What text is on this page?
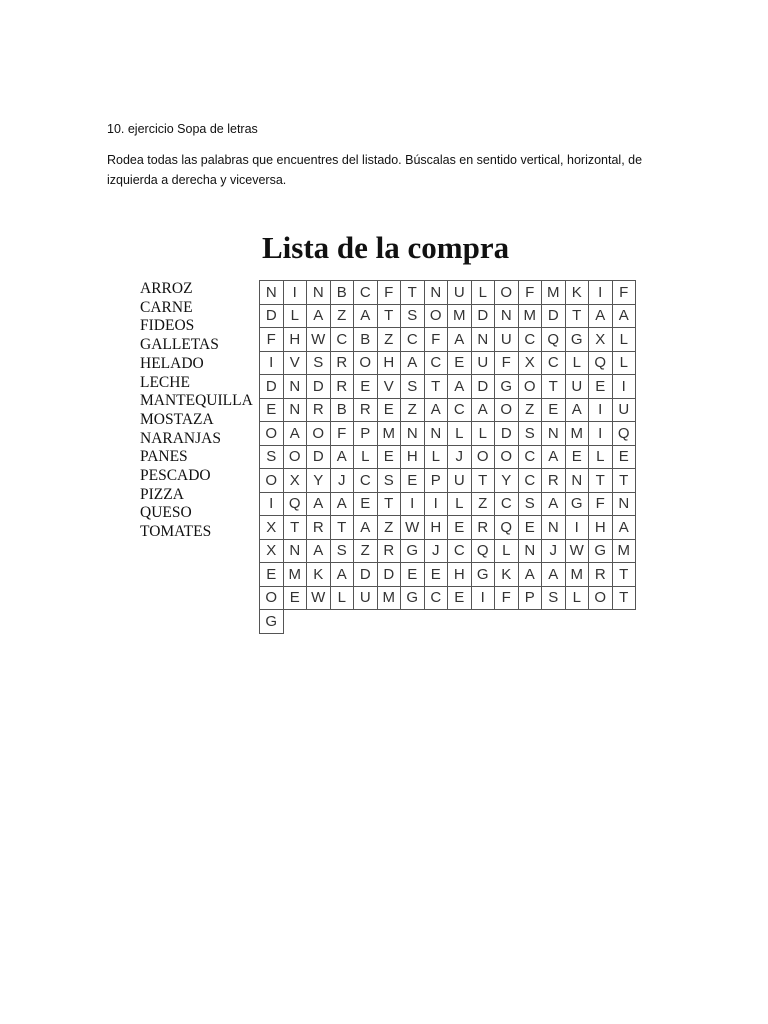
10. ejercicio Sopa de letras

Rodea todas las palabras que encuentres del listado. Búscalas en sentido vertical, horizontal, de izquierda a derecha y viceversa.

Lista de la compra
ARROZ
CARNE
FIDEOS
GALLETAS
HELADO
LECHE
MANTEQUILLA
MOSTAZA
NARANJAS
PANES
PESCADO
PIZZA
QUESO
TOMATES
N	I	N B C F T N U L O F M K	I	F
D L A Z A T S O M D N M D T A A
F H W C B Z C F A N U C Q G X L
I	V S R O H A C E U F X C L Q L
D N D R E V S T A D G O T U E	I
E N R B R E Z A C A O Z E A	I	U
O A O F P M N N L	L D S N M	I	Q
S O D A L E H L	J O O C A E L E
O X Y J C S E P U T Y C R N T T
I	Q A A E T	I	I	L Z C S A G F N
X T R T A Z W H E R Q E N	I	H A
X N A S Z R G J C Q L N J W G M
E M K A D D E E H G K A A M R T
O E W L U M G C E	I	F P S L O T
G
